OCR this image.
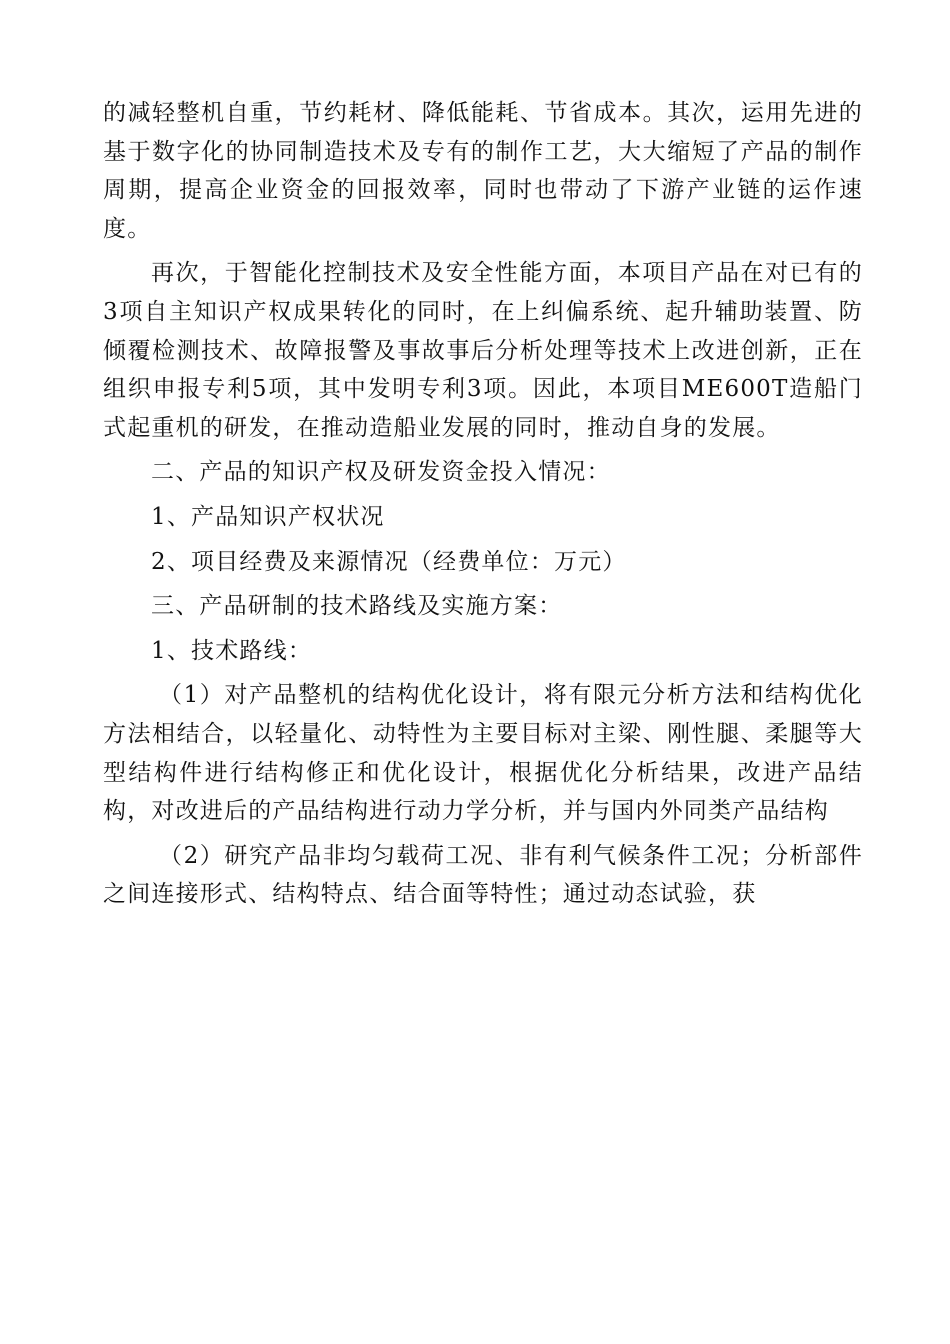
的减轻整机自重，节约耗材、降低能耗、节省成本。其次，运用先进的基于数字化的协同制造技术及专有的制作工艺，大大缩短了产品的制作周期，提高企业资金的回报效率，同时也带动了下游产业链的运作速度。

再次，于智能化控制技术及安全性能方面，本项目产品在对已有的3项自主知识产权成果转化的同时，在上纠偏系统、起升辅助装置、防倾覆检测技术、故障报警及事故事后分析处理等技术上改进创新，正在组织申报专利5项，其中发明专利3项。因此，本项目ME600T造船门式起重机的研发，在推动造船业发展的同时，推动自身的发展。

二、产品的知识产权及研发资金投入情况：

1、产品知识产权状况

2、项目经费及来源情况（经费单位：万元）

三、产品研制的技术路线及实施方案：

1、技术路线：

（1）对产品整机的结构优化设计，将有限元分析方法和结构优化方法相结合，以轻量化、动特性为主要目标对主梁、刚性腿、柔腿等大型结构件进行结构修正和优化设计，根据优化分析结果，改进产品结构，对改进后的产品结构进行动力学分析，并与国内外同类产品结构

（2）研究产品非均匀载荷工况、非有利气候条件工况；分析部件之间连接形式、结构特点、结合面等特性；通过动态试验，获
